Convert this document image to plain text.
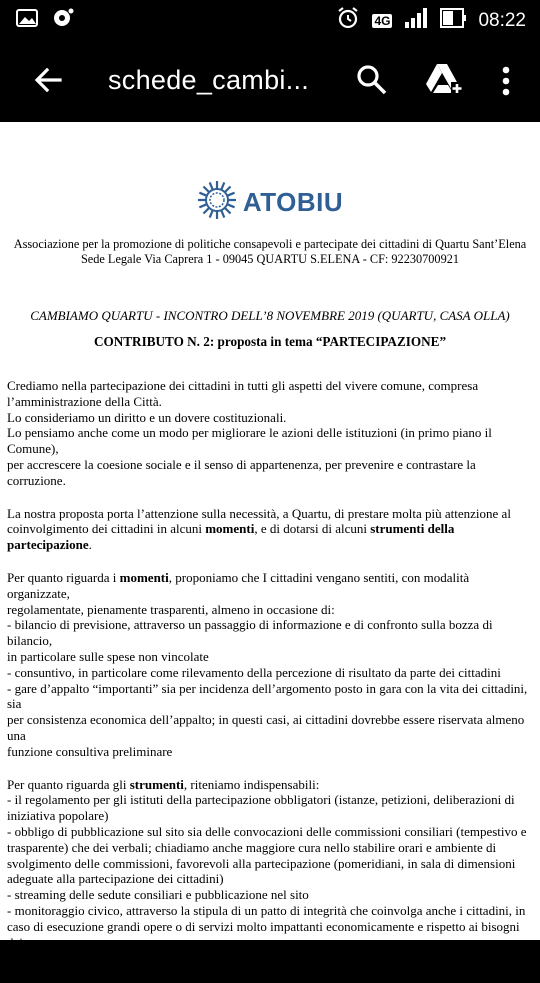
4G	08:22
schede_cambi...
ATOBIU
Associazione per la promozione di politiche consapevoli e partecipate dei cittadini di Quartu Sant’Elena
Sede Legale Via Caprera 1 - 09045 QUARTU S.ELENA - CF: 92230700921
CAMBIAMO QUARTU - INCONTRO DELL’8 NOVEMBRE 2019 (QUARTU, CASA OLLA)
CONTRIBUTO N. 2: proposta in tema “PARTECIPAZIONE”

Crediamo nella partecipazione dei cittadini in tutti gli aspetti del vivere comune, compresa
l’amministrazione della Città.
Lo consideriamo un diritto e un dovere costituzionali.
Lo pensiamo anche come un modo per migliorare le azioni delle istituzioni (in primo piano il Comune),
per accrescere la coesione sociale e il senso di appartenenza, per prevenire e contrastare la corruzione.

La nostra proposta porta l’attenzione sulla necessità, a Quartu, di prestare molta più attenzione al
coinvolgimento dei cittadini in alcuni momenti, e di dotarsi di alcuni strumenti della partecipazione.

Per quanto riguarda i momenti, proponiamo che I cittadini vengano sentiti, con modalità organizzate,
regolamentate, pienamente trasparenti, almeno in occasione di:
- bilancio di previsione, attraverso un passaggio di informazione e di confronto sulla bozza di bilancio,
in particolare sulle spese non vincolate
- consuntivo, in particolare come rilevamento della percezione di risultato da parte dei cittadini
- gare d’appalto “importanti” sia per incidenza dell’argomento posto in gara con la vita dei cittadini, sia
per consistenza economica dell’appalto; in questi casi, ai cittadini dovrebbe essere riservata almeno una
funzione consultiva preliminare

Per quanto riguarda gli strumenti, riteniamo indispensabili:
- il regolamento per gli istituti della partecipazione obbligatori (istanze, petizioni, deliberazioni di
iniziativa popolare)
- obbligo di pubblicazione sul sito sia delle convocazioni delle commissioni consiliari (tempestivo e
trasparente) che dei verbali; chiadiamo anche maggiore cura nello stabilire orari e ambiente di
svolgimento delle commissioni, favorevoli alla partecipazione (pomeridiani, in sala di dimensioni
adeguate alla partecipazione dei cittadini)
- streaming delle sedute consiliari e pubblicazione nel sito
- monitoraggio civico, attraverso la stipula di un patto di integrità che coinvolga anche i cittadini, in
caso di esecuzione grandi opere o di servizi molto impattanti economicamente e rispetto ai bisogni
